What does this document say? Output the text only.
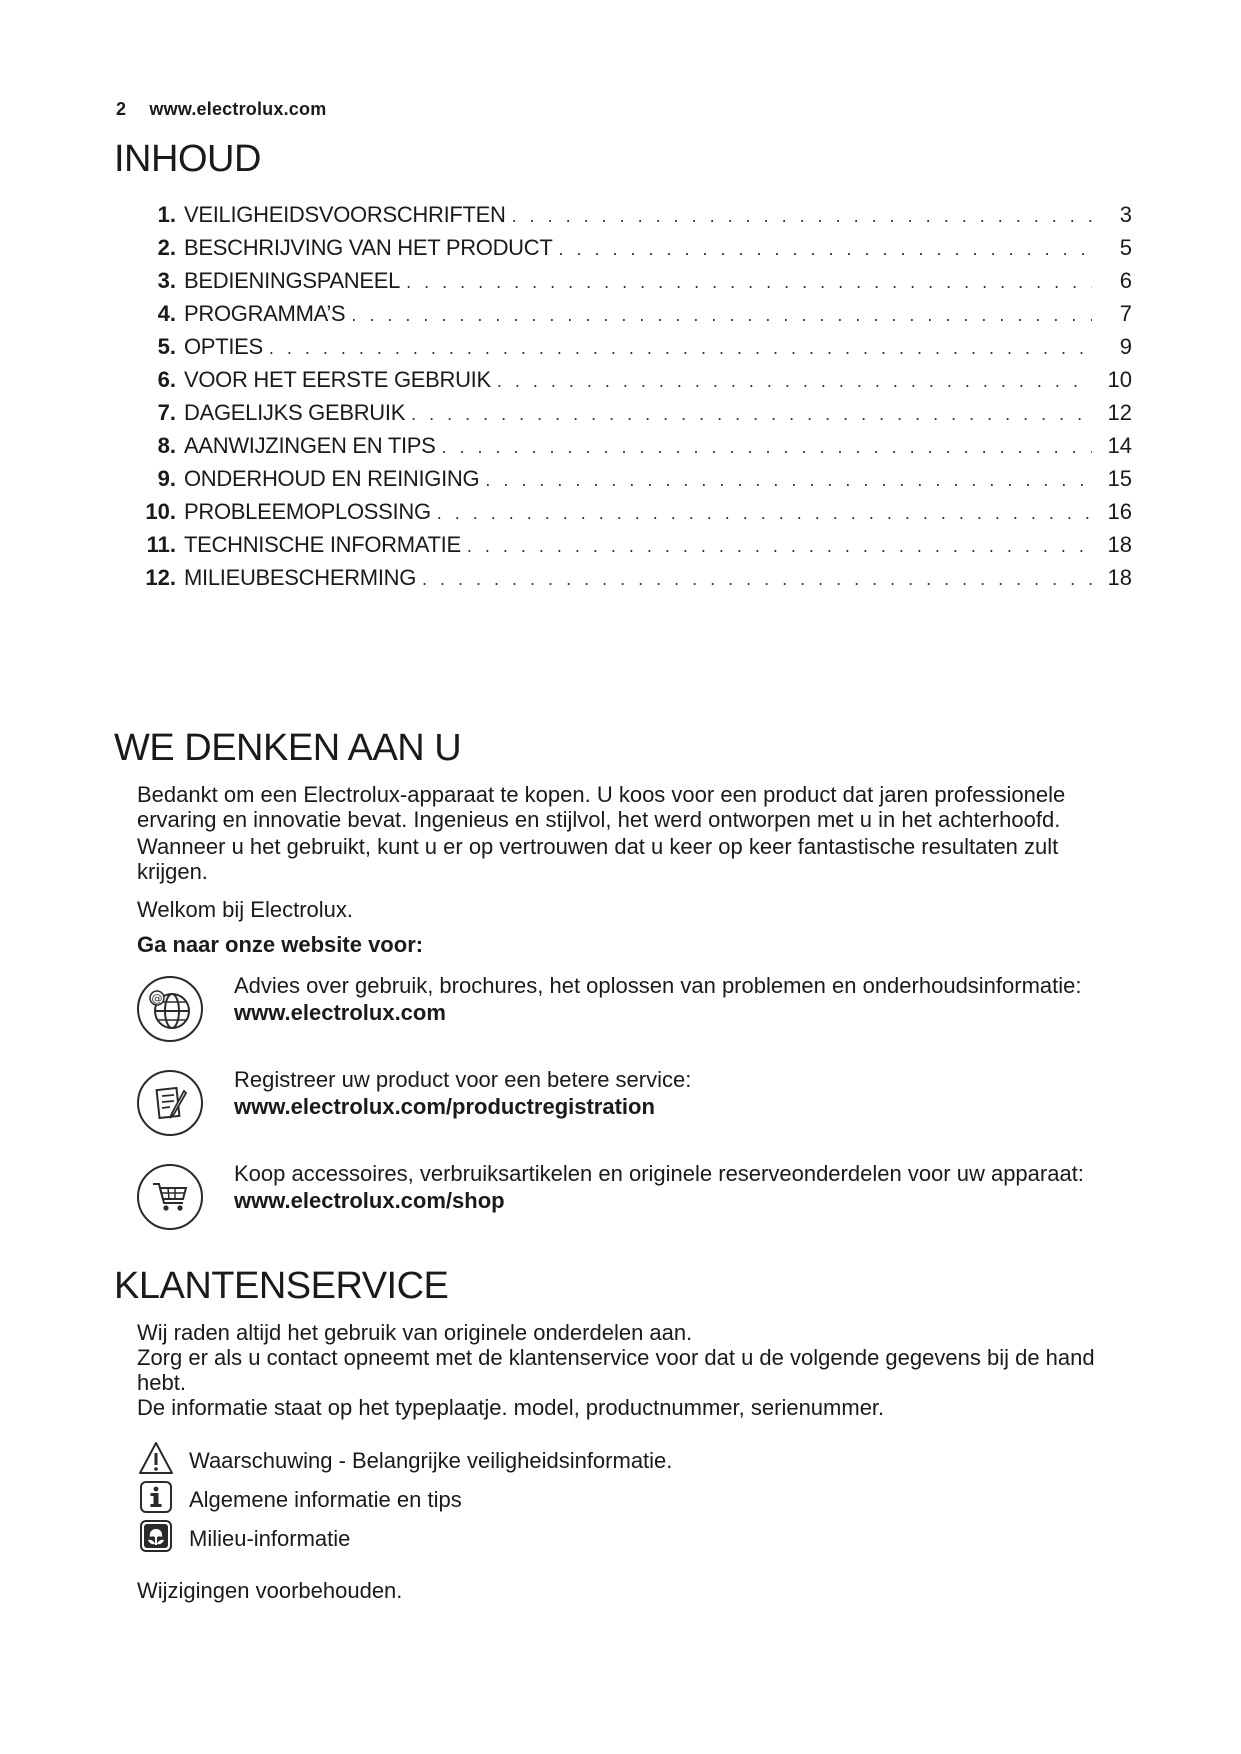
2 www.electrolux.com
INHOUD
1. VEILIGHEIDSVOORSCHRIFTEN . . .	3
2. BESCHRIJVING VAN HET PRODUCT . . .	5
3. BEDIENINGSPANEEL . . .	6
4. PROGRAMMA’S . . .	7
5. OPTIES . . .	9
6. VOOR HET EERSTE GEBRUIK . . .	10
7. DAGELIJKS GEBRUIK . . .	12
8. AANWIJZINGEN EN TIPS . . .	14
9. ONDERHOUD EN REINIGING . . .	15
10. PROBLEEMOPLOSSING . . .	16
11. TECHNISCHE INFORMATIE . . .	18
12. MILIEUBESCHERMING . . .	18
WE DENKEN AAN U

Bedankt om een Electrolux-apparaat te kopen. U koos voor een product dat jaren professionele ervaring en innovatie bevat. Ingenieus en stijlvol, het werd ontworpen met u in het achterhoofd.

Wanneer u het gebruikt, kunt u er op vertrouwen dat u keer op keer fantastische resultaten zult krijgen.

Welkom bij Electrolux.
Ga naar onze website voor:
@
Advies over gebruik, brochures, het oplossen van problemen en onderhoudsinformatie:
www.electrolux.com
Registreer uw product voor een betere service:
www.electrolux.com/productregistration
Koop accessoires, verbruiksartikelen en originele reserveonderdelen voor uw apparaat:
www.electrolux.com/shop
KLANTENSERVICE

Wij raden altijd het gebruik van originele onderdelen aan.

Zorg er als u contact opneemt met de klantenservice voor dat u de volgende gegevens bij de hand hebt.

De informatie staat op het typeplaatje. model, productnummer, serienummer.

Waarschuwing - Belangrijke veiligheidsinformatie.
Algemene informatie en tips
Milieu-informatie
Wijzigingen voorbehouden.
